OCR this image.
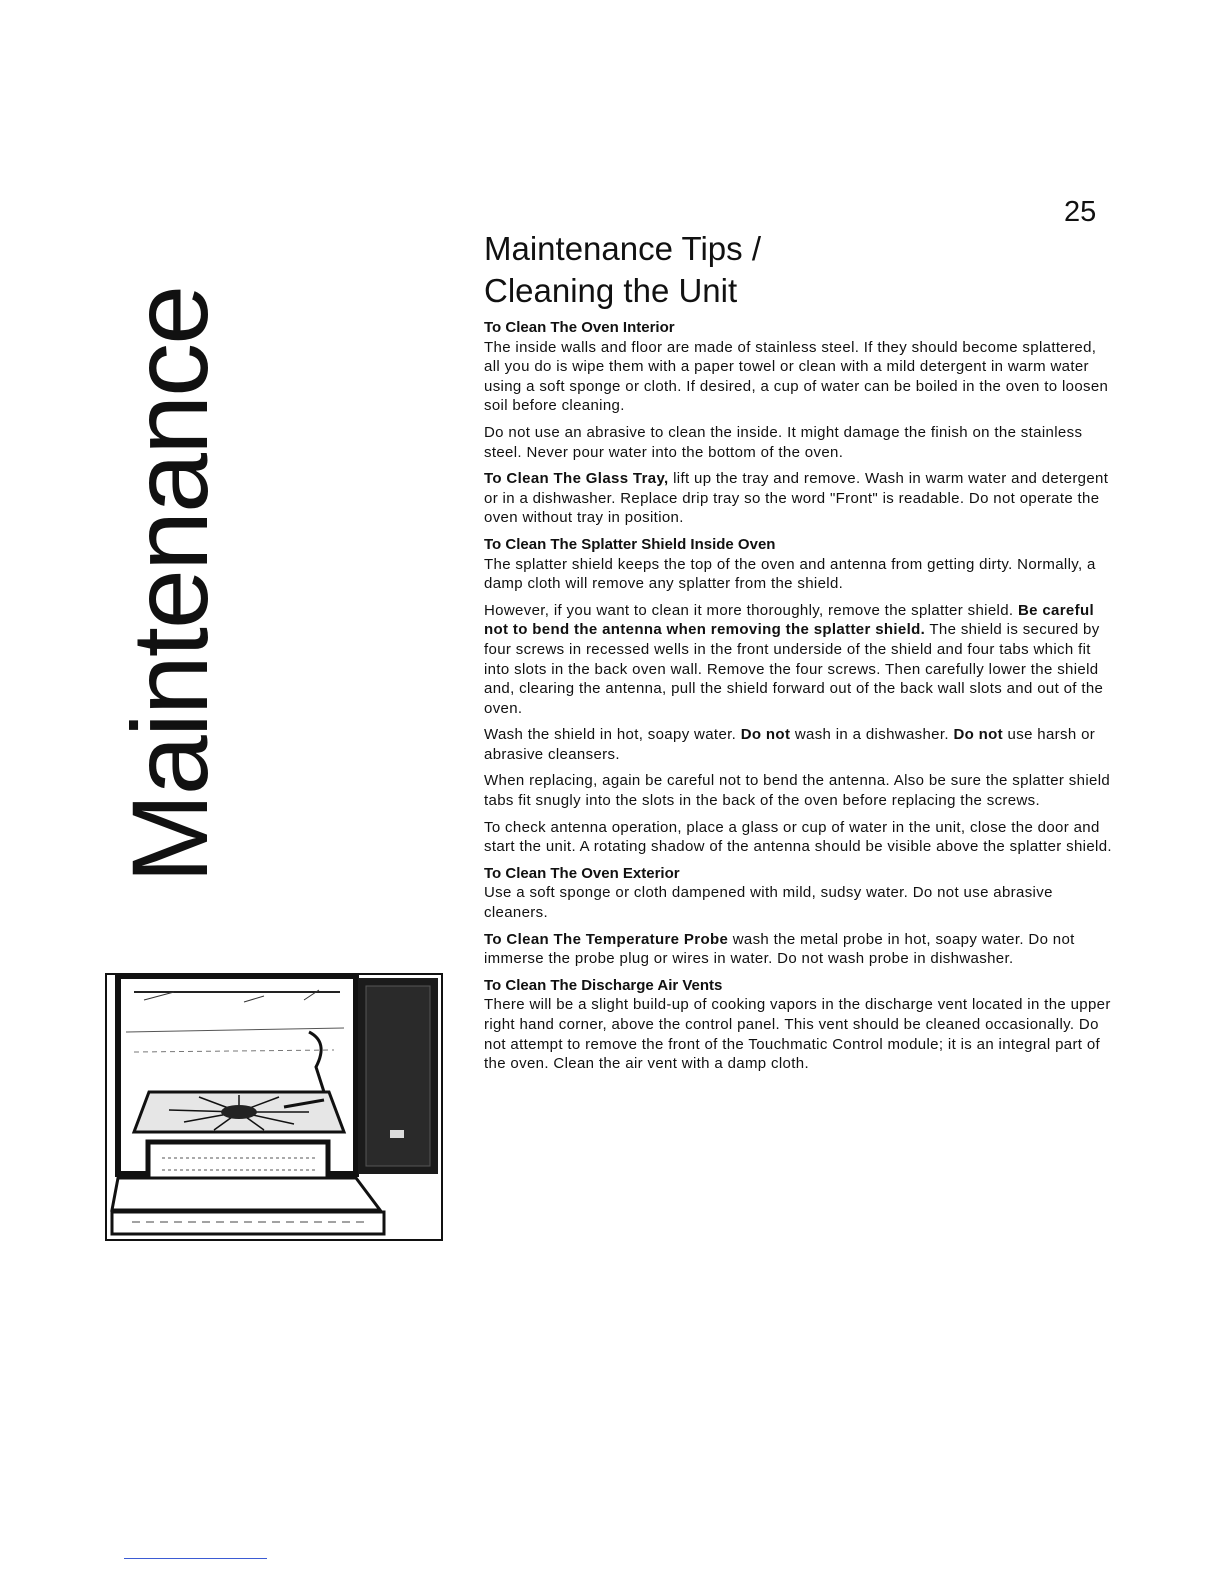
25
Maintenance
Maintenance Tips /
Cleaning the Unit

To Clean The Oven Interior

The inside walls and floor are made of stainless steel. If they should become splattered, all you do is wipe them with a paper towel or clean with a mild detergent in warm water using a soft sponge or cloth. If desired, a cup of water can be boiled in the oven to loosen soil before cleaning.

Do not use an abrasive to clean the inside. It might damage the finish on the stainless steel. Never pour water into the bottom of the oven.

To Clean The Glass Tray, lift up the tray and remove. Wash in warm water and detergent or in a dishwasher. Replace drip tray so the word "Front" is readable. Do not operate the oven without tray in position.

To Clean The Splatter Shield Inside Oven

The splatter shield keeps the top of the oven and antenna from getting dirty. Normally, a damp cloth will remove any splatter from the shield.

However, if you want to clean it more thoroughly, remove the splatter shield. Be careful not to bend the antenna when removing the splatter shield. The shield is secured by four screws in recessed wells in the front underside of the shield and four tabs which fit into slots in the back oven wall. Remove the four screws. Then carefully lower the shield and, clearing the antenna, pull the shield forward out of the back wall slots and out of the oven.

Wash the shield in hot, soapy water. Do not wash in a dishwasher. Do not use harsh or abrasive cleansers.

When replacing, again be careful not to bend the antenna. Also be sure the splatter shield tabs fit snugly into the slots in the back of the oven before replacing the screws.

To check antenna operation, place a glass or cup of water in the unit, close the door and start the unit. A rotating shadow of the antenna should be visible above the splatter shield.

To Clean The Oven Exterior

Use a soft sponge or cloth dampened with mild, sudsy water. Do not use abrasive cleaners.

To Clean The Temperature Probe wash the metal probe in hot, soapy water. Do not immerse the probe plug or wires in water. Do not wash probe in dishwasher.

To Clean The Discharge Air Vents

There will be a slight build-up of cooking vapors in the discharge vent located in the upper right hand corner, above the control panel. This vent should be cleaned occasionally. Do not attempt to remove the front of the Touchmatic Control module; it is an integral part of the oven. Clean the air vent with a damp cloth.
